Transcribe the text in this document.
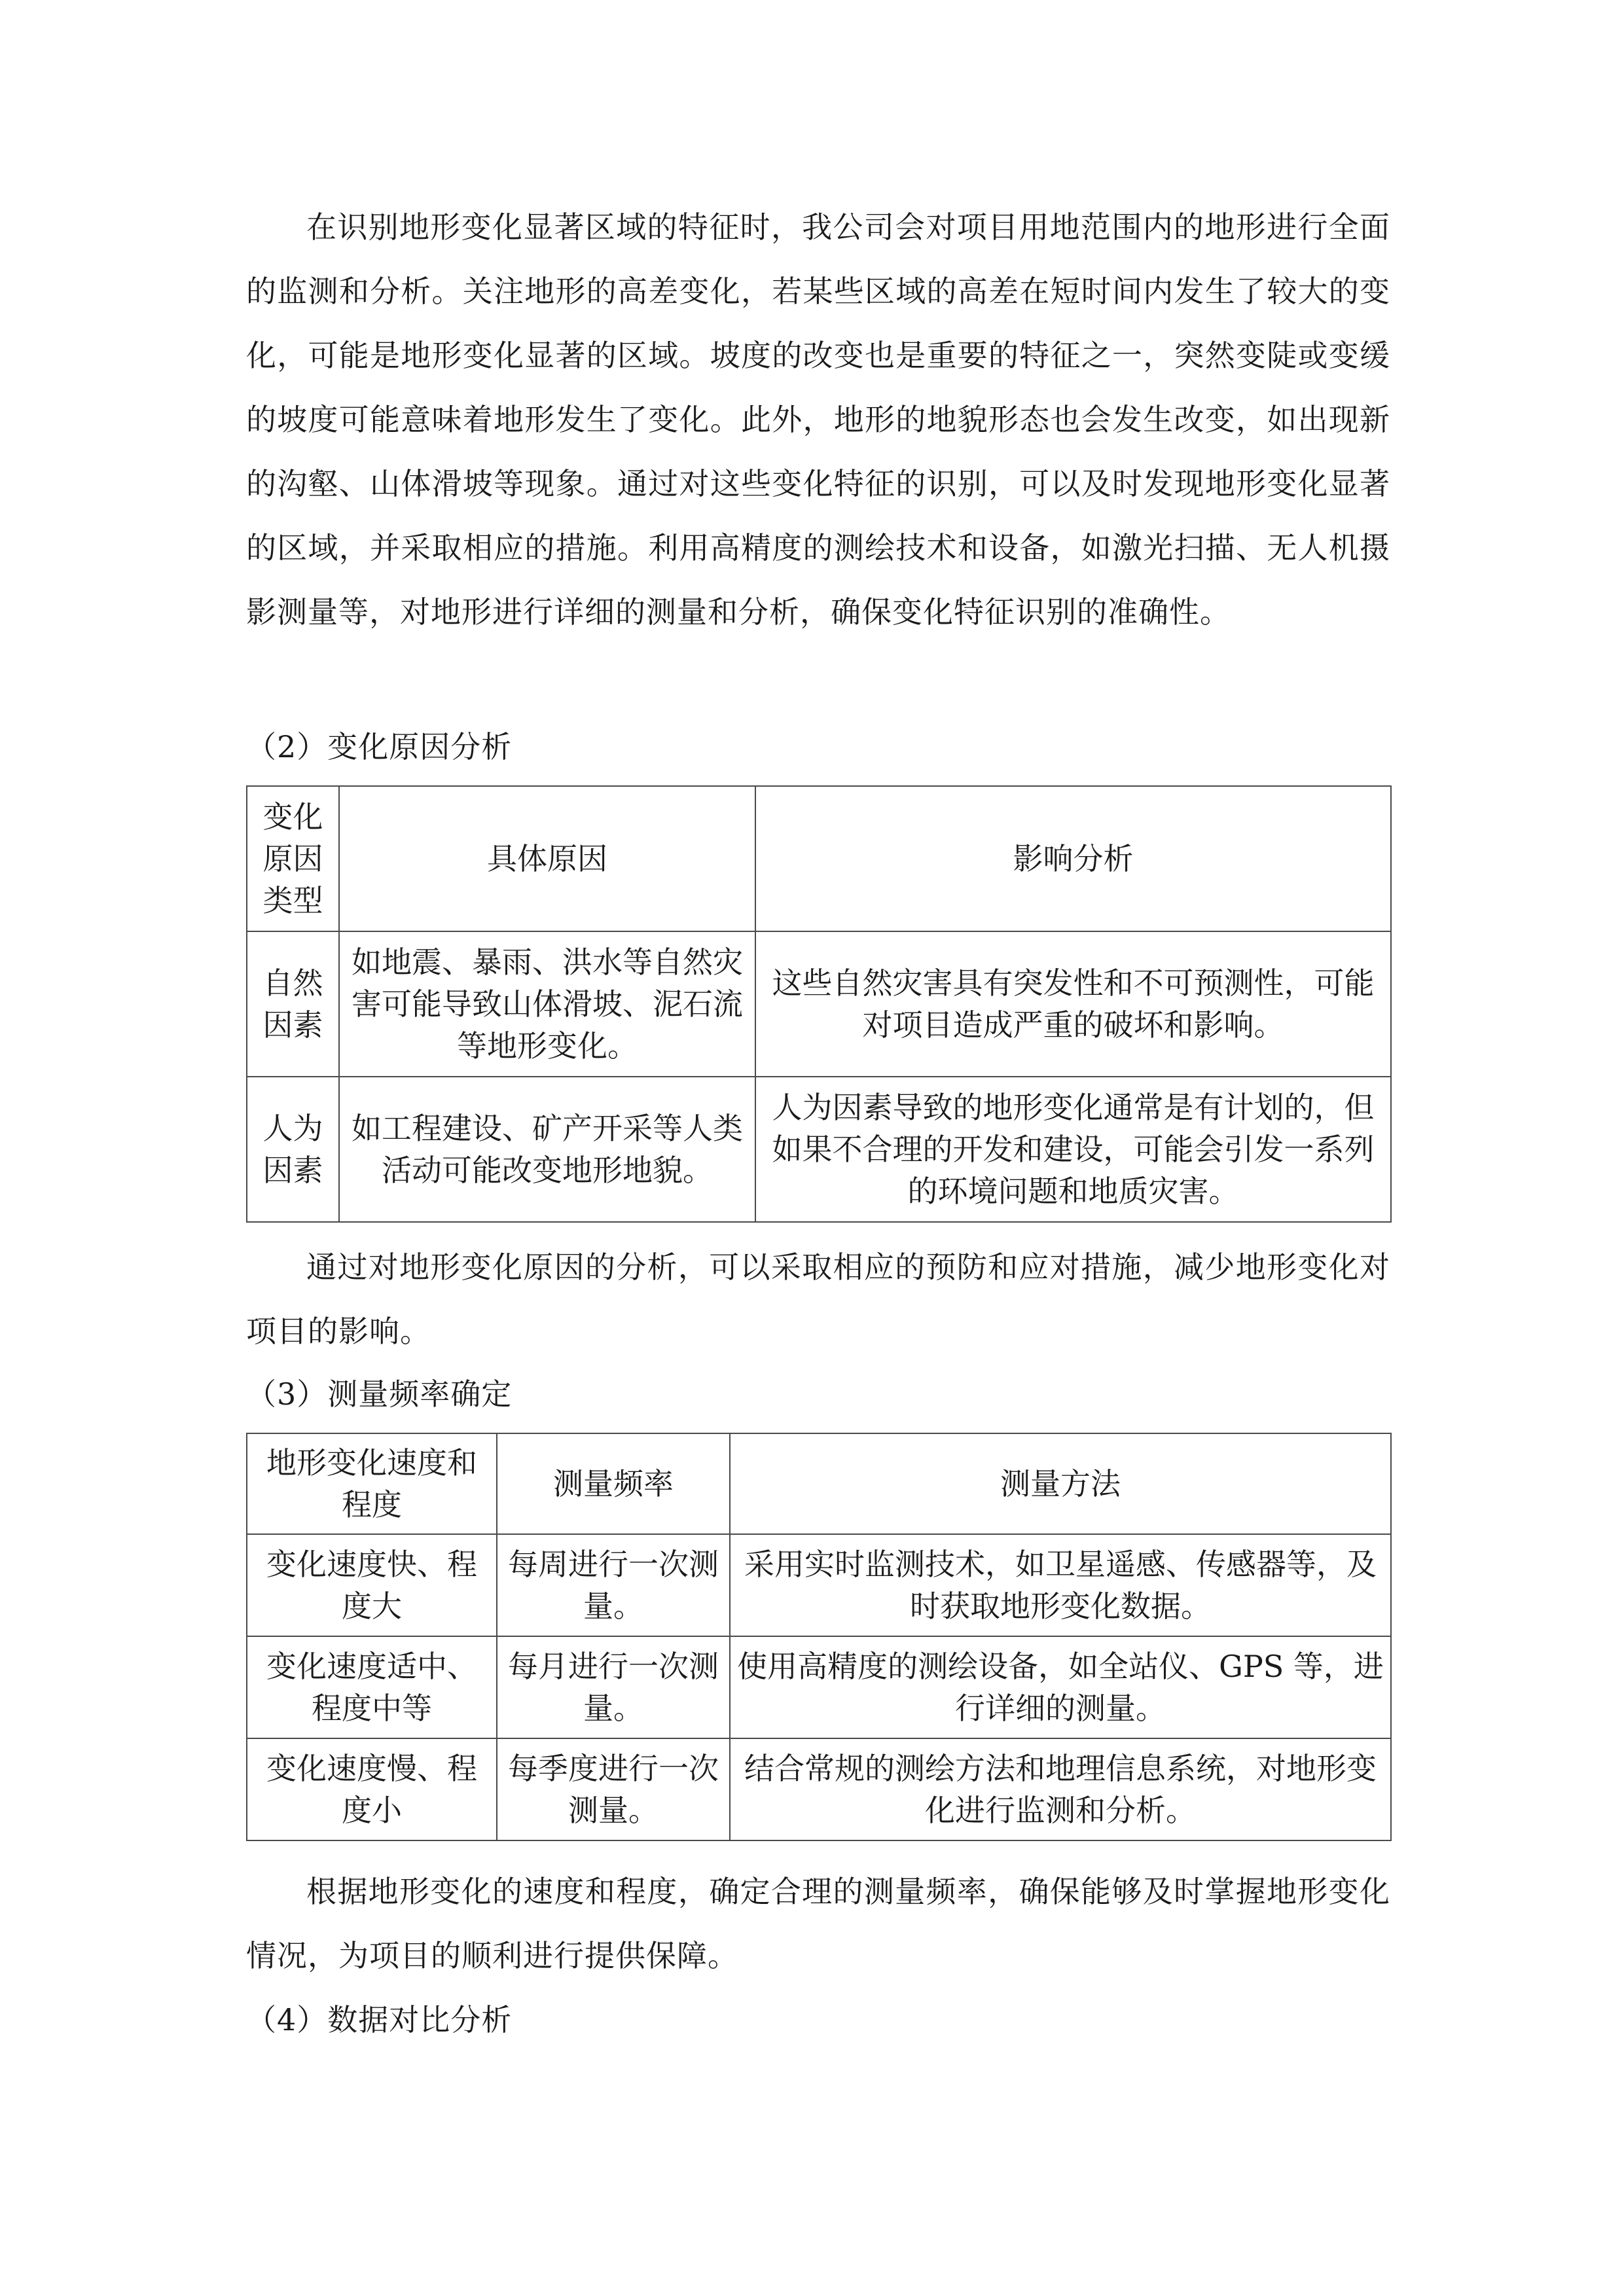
在识别地形变化显著区域的特征时，我公司会对项目用地范围内的地形进行全面的监测和分析。关注地形的高差变化，若某些区域的高差在短时间内发生了较大的变化，可能是地形变化显著的区域。坡度的改变也是重要的特征之一，突然变陡或变缓的坡度可能意味着地形发生了变化。此外，地形的地貌形态也会发生改变，如出现新的沟壑、山体滑坡等现象。通过对这些变化特征的识别，可以及时发现地形变化显著的区域，并采取相应的措施。利用高精度的测绘技术和设备，如激光扫描、无人机摄影测量等，对地形进行详细的测量和分析，确保变化特征识别的准确性。

（2）变化原因分析

变化原因类型	具体原因	影响分析
自然因素	如地震、暴雨、洪水等自然灾害可能导致山体滑坡、泥石流等地形变化。	这些自然灾害具有突发性和不可预测性，可能对项目造成严重的破坏和影响。
人为因素	如工程建设、矿产开采等人类活动可能改变地形地貌。	人为因素导致的地形变化通常是有计划的，但如果不合理的开发和建设，可能会引发一系列的环境问题和地质灾害。

通过对地形变化原因的分析，可以采取相应的预防和应对措施，减少地形变化对项目的影响。

（3）测量频率确定

地形变化速度和程度	测量频率	测量方法
变化速度快、程度大	每周进行一次测量。	采用实时监测技术，如卫星遥感、传感器等，及时获取地形变化数据。
变化速度适中、程度中等	每月进行一次测量。	使用高精度的测绘设备，如全站仪、GPS 等，进行详细的测量。
变化速度慢、程度小	每季度进行一次测量。	结合常规的测绘方法和地理信息系统，对地形变化进行监测和分析。

根据地形变化的速度和程度，确定合理的测量频率，确保能够及时掌握地形变化情况，为项目的顺利进行提供保障。

（4）数据对比分析
